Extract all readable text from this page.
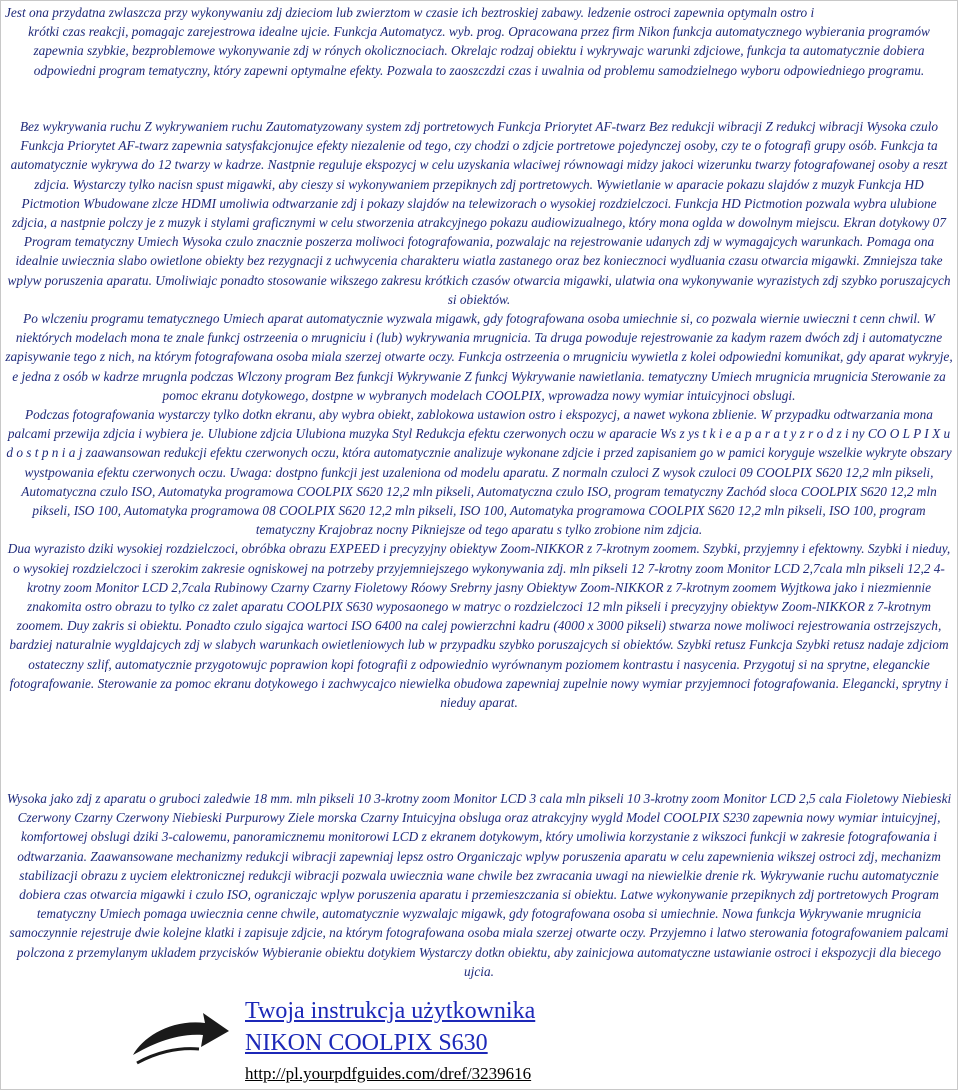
Jest ona przydatna zwlaszcza przy wykonywaniu zdj dzieciom lub zwierztom w czasie ich beztroskiej zabawy. ledzenie ostroci zapewnia optymaln ostro i
krótki czas reakcji, pomagajc zarejestrowa idealne ujcie. Funkcja Automatycz. wyb. prog. Opracowana przez firm Nikon funkcja automatycznego wybierania programów zapewnia szybkie, bezproblemowe wykonywanie zdj w rónych okolicznociach. Okrelajc rodzaj obiektu i wykrywajc warunki zdjciowe, funkcja ta automatycznie dobiera odpowiedni program tematyczny, który zapewni optymalne efekty. Pozwala to zaoszczdzi czas i uwalnia od problemu samodzielnego wyboru odpowiedniego programu.
Bez wykrywania ruchu Z wykrywaniem ruchu Zautomatyzowany system zdj portretowych Funkcja Priorytet AF-twarz Bez redukcji wibracji Z redukcj wibracji Wysoka czulo Funkcja Priorytet AF-twarz zapewnia satysfakcjonujce efekty niezalenie od tego, czy chodzi o zdjcie portretowe pojedynczej osoby, czy te o fotografi grupy osób. Funkcja ta automatycznie wykrywa do 12 twarzy w kadrze. Nastpnie reguluje ekspozycj w celu uzyskania wlaciwej równowagi midzy jakoci wizerunku twarzy fotografowanej osoby a reszt zdjcia. Wystarczy tylko nacisn spust migawki, aby cieszy si wykonywaniem przepiknych zdj portretowych. Wywietlanie w aparacie pokazu slajdów z muzyk Funkcja HD Pictmotion Wbudowane zlcze HDMI umoliwia odtwarzanie zdj i pokazy slajdów na telewizorach o wysokiej rozdzielczoci. Funkcja HD Pictmotion pozwala wybra ulubione zdjcia, a nastpnie polczy je z muzyk i stylami graficznymi w celu stworzenia atrakcyjnego pokazu audiowizualnego, który mona oglda w dowolnym miejscu. Ekran dotykowy 07 Program tematyczny Umiech Wysoka czulo znacznie poszerza moliwoci fotografowania, pozwalajc na rejestrowanie udanych zdj w wymagajcych warunkach. Pomaga ona idealnie uwiecznia slabo owietlone obiekty bez rezygnacji z uchwycenia charakteru wiatla zastanego oraz bez koniecznoci wydluania czasu otwarcia migawki. Zmniejsza take wplyw poruszenia aparatu. Umoliwiajc ponadto stosowanie wikszego zakresu krótkich czasów otwarcia migawki, ulatwia ona wykonywanie wyrazistych zdj szybko poruszajcych si obiektów.
Po wlczeniu programu tematycznego Umiech aparat automatycznie wyzwala migawk, gdy fotografowana osoba umiechnie si, co pozwala wiernie uwieczni t cenn chwil. W niektórych modelach mona te znale funkcj ostrzeenia o mrugniciu i (lub) wykrywania mrugnicia. Ta druga powoduje rejestrowanie za kadym razem dwóch zdj i automatyczne zapisywanie tego z nich, na którym fotografowana osoba miala szerzej otwarte oczy. Funkcja ostrzeenia o mrugniciu wywietla z kolei odpowiedni komunikat, gdy aparat wykryje, e jedna z osób w kadrze mrugnla podczas Wlczony program Bez funkcji Wykrywanie Z funkcj Wykrywanie nawietlania. tematyczny Umiech mrugnicia mrugnicia Sterowanie za pomoc ekranu dotykowego, dostpne w wybranych modelach COOLPIX, wprowadza nowy wymiar intuicyjnoci obslugi.
Podczas fotografowania wystarczy tylko dotkn ekranu, aby wybra obiekt, zablokowa ustawion ostro i ekspozycj, a nawet wykona zblienie. W przypadku odtwarzania mona palcami przewija zdjcia i wybiera je. Ulubione zdjcia Ulubiona muzyka Styl Redukcja efektu czerwonych oczu w aparacie Ws z ys t k i e a p a r a t y z r o d z i ny CO O L P I X u d o s t p n i a j zaawansowan redukcji efektu czerwonych oczu, która automatycznie analizuje wykonane zdjcie i przed zapisaniem go w pamici koryguje wszelkie wykryte obszary wystpowania efektu czerwonych oczu. Uwaga: dostpno funkcji jest uzaleniona od modelu aparatu. Z normaln czuloci Z wysok czuloci 09 COOLPIX S620 12,2 mln pikseli, Automatyczna czulo ISO, Automatyka programowa COOLPIX S620 12,2 mln pikseli, Automatyczna czulo ISO, program tematyczny Zachód sloca COOLPIX S620 12,2 mln pikseli, ISO 100, Automatyka programowa 08 COOLPIX S620 12,2 mln pikseli, ISO 100, Automatyka programowa COOLPIX S620 12,2 mln pikseli, ISO 100, program tematyczny Krajobraz nocny Pikniejsze od tego aparatu s tylko zrobione nim zdjcia.
Dua wyrazisto dziki wysokiej rozdzielczoci, obróbka obrazu EXPEED i precyzyjny obiektyw Zoom-NIKKOR z 7-krotnym zoomem. Szybki, przyjemny i efektowny. Szybki i nieduy, o wysokiej rozdzielczoci i szerokim zakresie ogniskowej na potrzeby przyjemniejszego wykonywania zdj. mln pikseli 12 7-krotny zoom Monitor LCD 2,7cala mln pikseli 12,2 4-krotny zoom Monitor LCD 2,7cala Rubinowy Czarny Czarny Fioletowy Róowy Srebrny jasny Obiektyw Zoom-NIKKOR z 7-krotnym zoomem Wyjtkowa jako i niezmiennie znakomita ostro obrazu to tylko cz zalet aparatu COOLPIX S630 wyposaonego w matryc o rozdzielczoci 12 mln pikseli i precyzyjny obiektyw Zoom-NIKKOR z 7-krotnym zoomem. Duy zakris si obiektu. Ponadto czulo sigajca wartoci ISO 6400 na calej powierzchni kadru (4000 x 3000 pikseli) stwarza nowe moliwoci rejestrowania ostrzejszych, bardziej naturalnie wygldajcych zdj w slabych warunkach owietleniowych lub w przypadku szybko poruszajcych si obiektów. Szybki retusz Funkcja Szybki retusz nadaje zdjciom ostateczny szlif, automatycznie przygotowujc poprawion kopi fotografii z odpowiednio wyrównanym poziomem kontrastu i nasycenia. Przygotuj si na sprytne, eleganckie fotografowanie. Sterowanie za pomoc ekranu dotykowego i zachwycajco niewielka obudowa zapewniaj zupelnie nowy wymiar przyjemnoci fotografowania. Elegancki, sprytny i nieduy aparat.
Wysoka jako zdj z aparatu o gruboci zaledwie 18 mm. mln pikseli 10 3-krotny zoom Monitor LCD 3 cala mln pikseli 10 3-krotny zoom Monitor LCD 2,5 cala Fioletowy Niebieski Czerwony Czarny Czerwony Niebieski Purpurowy Ziele morska Czarny Intuicyjna obsluga oraz atrakcyjny wygld Model COOLPIX S230 zapewnia nowy wymiar intuicyjnej, komfortowej obslugi dziki 3-calowemu, panoramicznemu monitorowi LCD z ekranem dotykowym, który umoliwia korzystanie z wikszoci funkcji w zakresie fotografowania i odtwarzania. Zaawansowane mechanizmy redukcji wibracji zapewniaj lepsz ostro Organiczajc wplyw poruszenia aparatu w celu zapewnienia wikszej ostroci zdj, mechanizm stabilizacji obrazu z uyciem elektronicznej redukcji wibracji pozwala uwiecznia wane chwile bez zwracania uwagi na niewielkie drenie rk. Wykrywanie ruchu automatycznie dobiera czas otwarcia migawki i czulo ISO, ograniczajc wplyw poruszenia aparatu i przemieszczania si obiektu. Latwe wykonywanie przepiknych zdj portretowych Program tematyczny Umiech pomaga uwiecznia cenne chwile, automatycznie wyzwalajc migawk, gdy fotografowana osoba si umiechnie. Nowa funkcja Wykrywanie mrugnicia samoczynnie rejestruje dwie kolejne klatki i zapisuje zdjcie, na którym fotografowana osoba miala szerzej otwarte oczy. Przyjemno i latwo sterowania fotografowaniem palcami polczona z przemylanym ukladem przycisków Wybieranie obiektu dotykiem Wystarczy dotkn obiektu, aby zainicjowa automatyczne ustawianie ostroci i ekspozycji dla biecego ujcia.
Twoja instrukcja użytkownika
NIKON COOLPIX S630
http://pl.yourpdfguides.com/dref/3239616
